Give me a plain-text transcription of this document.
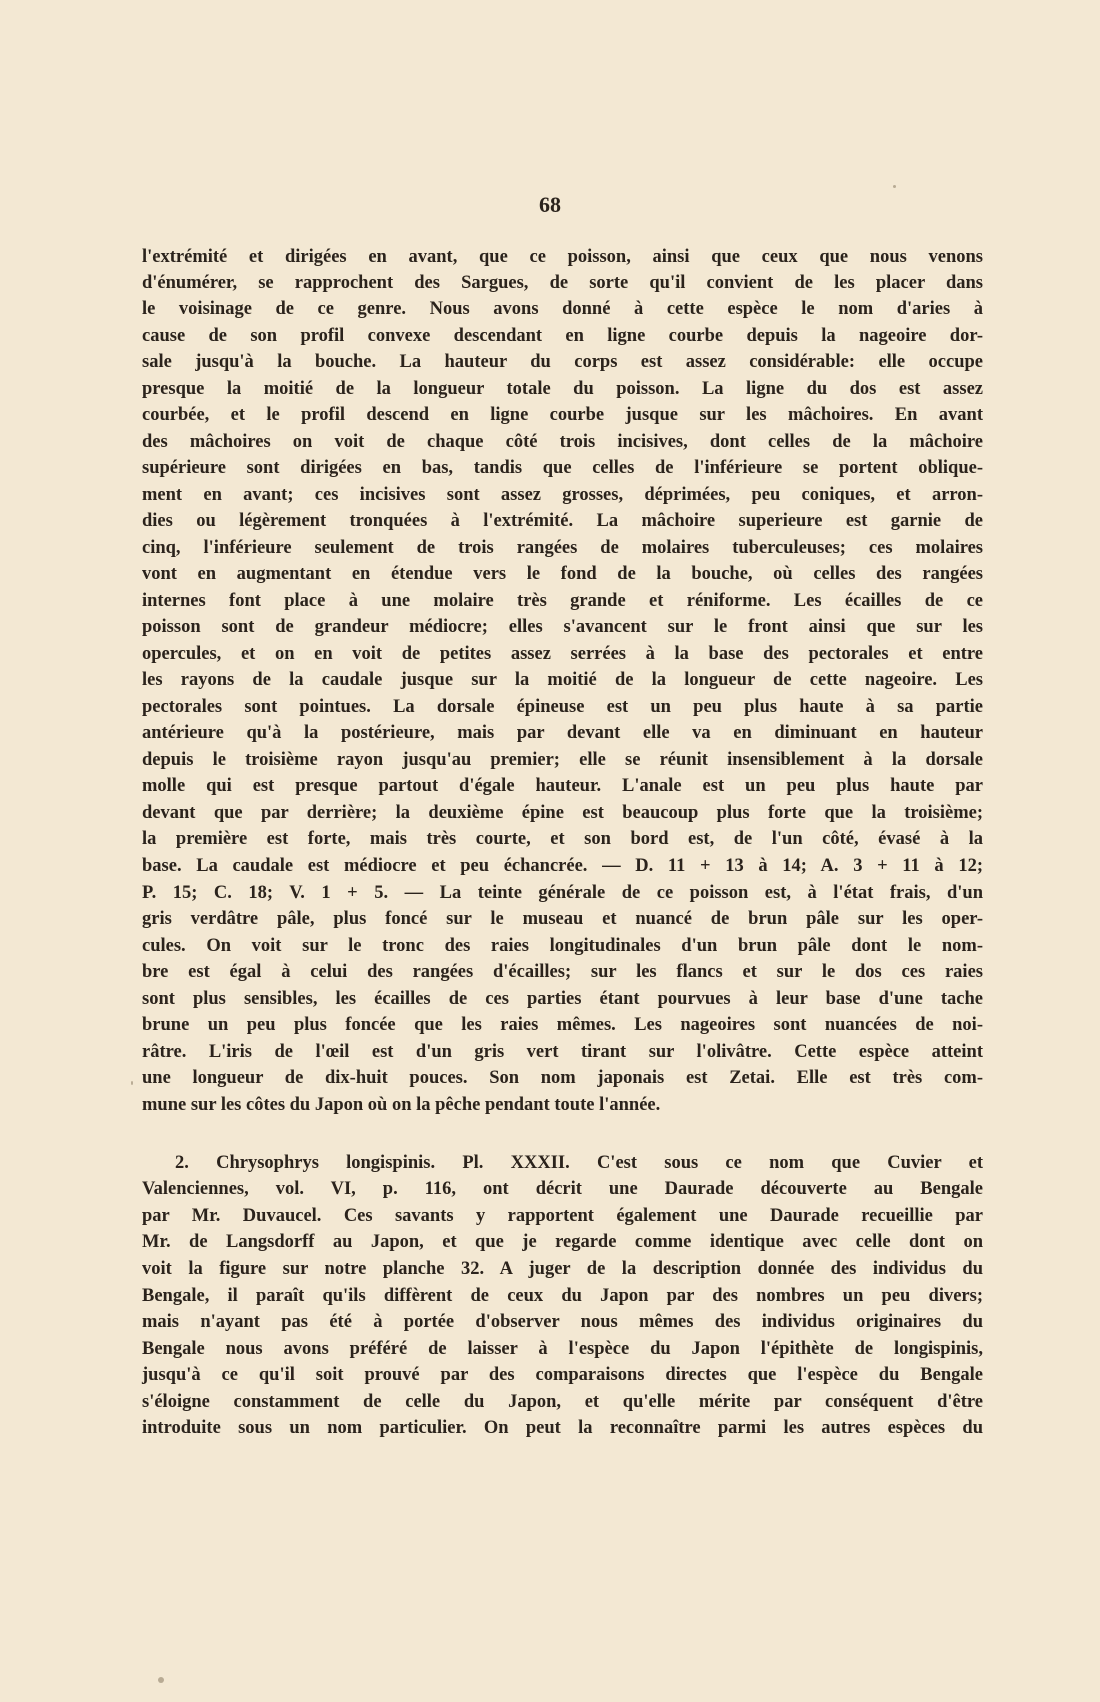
68
l'extrémité et dirigées en avant, que ce poisson, ainsi que ceux que nous venons
d'énumérer, se rapprochent des Sargues, de sorte qu'il convient de les placer dans
le voisinage de ce genre. Nous avons donné à cette espèce le nom d'aries à
cause de son profil convexe descendant en ligne courbe depuis la nageoire dor-
sale jusqu'à la bouche. La hauteur du corps est assez considérable: elle occupe
presque la moitié de la longueur totale du poisson. La ligne du dos est assez
courbée, et le profil descend en ligne courbe jusque sur les mâchoires. En avant
des mâchoires on voit de chaque côté trois incisives, dont celles de la mâchoire
supérieure sont dirigées en bas, tandis que celles de l'inférieure se portent oblique-
ment en avant; ces incisives sont assez grosses, déprimées, peu coniques, et arron-
dies ou légèrement tronquées à l'extrémité. La mâchoire superieure est garnie de
cinq, l'inférieure seulement de trois rangées de molaires tuberculeuses; ces molaires
vont en augmentant en étendue vers le fond de la bouche, où celles des rangées
internes font place à une molaire très grande et réniforme. Les écailles de ce
poisson sont de grandeur médiocre; elles s'avancent sur le front ainsi que sur les
opercules, et on en voit de petites assez serrées à la base des pectorales et entre
les rayons de la caudale jusque sur la moitié de la longueur de cette nageoire. Les
pectorales sont pointues. La dorsale épineuse est un peu plus haute à sa partie
antérieure qu'à la postérieure, mais par devant elle va en diminuant en hauteur
depuis le troisième rayon jusqu'au premier; elle se réunit insensiblement à la dorsale
molle qui est presque partout d'égale hauteur. L'anale est un peu plus haute par
devant que par derrière; la deuxième épine est beaucoup plus forte que la troisième;
la première est forte, mais très courte, et son bord est, de l'un côté, évasé à la
base. La caudale est médiocre et peu échancrée. — D. 11 + 13 à 14; A. 3 + 11 à 12;
P. 15; C. 18; V. 1 + 5. — La teinte générale de ce poisson est, à l'état frais, d'un
gris verdâtre pâle, plus foncé sur le museau et nuancé de brun pâle sur les oper-
cules. On voit sur le tronc des raies longitudinales d'un brun pâle dont le nom-
bre est égal à celui des rangées d'écailles; sur les flancs et sur le dos ces raies
sont plus sensibles, les écailles de ces parties étant pourvues à leur base d'une tache
brune un peu plus foncée que les raies mêmes. Les nageoires sont nuancées de noi-
râtre. L'iris de l'œil est d'un gris vert tirant sur l'olivâtre. Cette espèce atteint
une longueur de dix-huit pouces. Son nom japonais est Zetai. Elle est très com-
mune sur les côtes du Japon où on la pêche pendant toute l'année.
2. Chrysophrys longispinis. Pl. XXXII. C'est sous ce nom que Cuvier et
Valenciennes, vol. VI, p. 116, ont décrit une Daurade découverte au Bengale
par Mr. Duvaucel. Ces savants y rapportent également une Daurade recueillie par
Mr. de Langsdorff au Japon, et que je regarde comme identique avec celle dont on
voit la figure sur notre planche 32. A juger de la description donnée des individus du
Bengale, il paraît qu'ils diffèrent de ceux du Japon par des nombres un peu divers;
mais n'ayant pas été à portée d'observer nous mêmes des individus originaires du
Bengale nous avons préféré de laisser à l'espèce du Japon l'épithète de longispinis,
jusqu'à ce qu'il soit prouvé par des comparaisons directes que l'espèce du Bengale
s'éloigne constamment de celle du Japon, et qu'elle mérite par conséquent d'être
introduite sous un nom particulier. On peut la reconnaître parmi les autres espèces du
